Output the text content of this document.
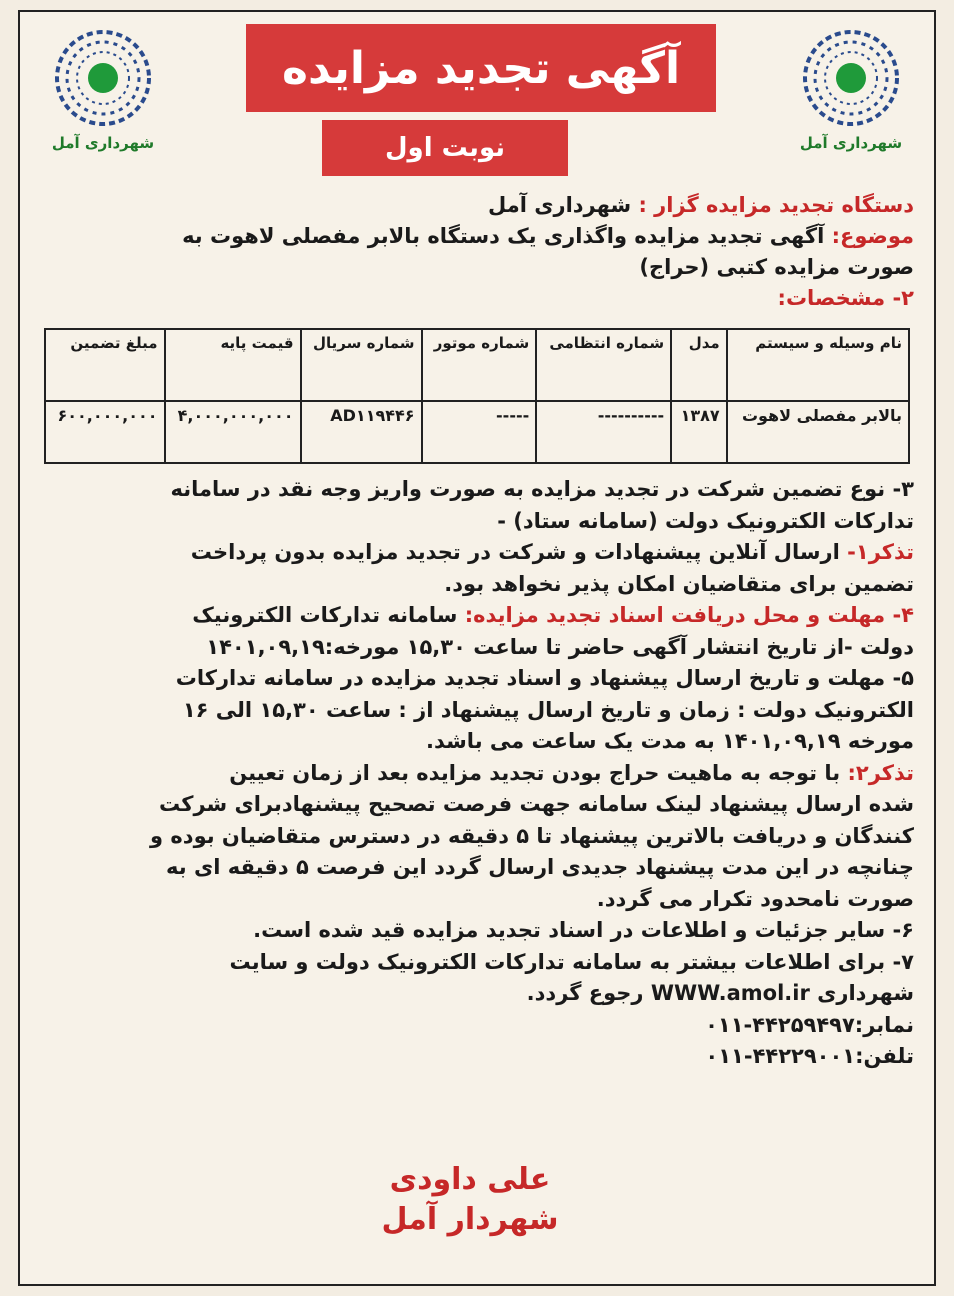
شهرداری آمل	شهرداری آمل
آگهی تجدید مزایده
نوبت اول
دستگاه تجدید مزایده گزار : شهرداری آمل
موضوع: آگهی تجدید مزایده واگذاری یک دستگاه بالابر مفصلی لاهوت به
صورت مزایده کتبی (حراج)
۲- مشخصات:
نام وسیله و سیستم	مدل	شماره انتظامی	شماره موتور	شماره سریال	قیمت پایه	مبلغ تضمین
بالابر مفصلی لاهوت	۱۳۸۷	----------	-----	AD۱۱۹۴۴۶	۴,۰۰۰,۰۰۰,۰۰۰	۶۰۰,۰۰۰,۰۰۰
۳- نوع تضمین شرکت در تجدید مزایده به صورت واریز وجه نقد در سامانه
تدارکات الکترونیک دولت (سامانه ستاد) -
تذکر۱- ارسال آنلاین پیشنهادات و شرکت در تجدید مزایده بدون پرداخت
تضمین برای متقاضیان امکان پذیر نخواهد بود.
۴- مهلت و محل دریافت اسناد تجدید مزایده: سامانه تدارکات الکترونیک
دولت -از تاریخ انتشار آگهی حاضر تا ساعت ۱۵,۳۰ مورخه:۱۴۰۱,۰۹,۱۹
۵- مهلت و تاریخ ارسال پیشنهاد و اسناد تجدید مزایده در سامانه تدارکات
الکترونیک دولت : زمان و تاریخ ارسال پیشنهاد از : ساعت ۱۵,۳۰ الی ۱۶
مورخه ۱۴۰۱,۰۹,۱۹ به مدت یک ساعت می باشد.
تذکر۲: با توجه به ماهیت حراج بودن تجدید مزایده بعد از زمان تعیین
شده ارسال پیشنهاد لینک سامانه جهت فرصت تصحیح پیشنهادبرای شرکت
کنندگان و دریافت بالاترین پیشنهاد تا ۵ دقیقه در دسترس متقاضیان بوده و
چنانچه در این مدت پیشنهاد جدیدی ارسال گردد این فرصت ۵ دقیقه ای به
صورت نامحدود تکرار می گردد.
۶- سایر جزئیات و اطلاعات در اسناد تجدید مزایده قید شده است.
۷- برای اطلاعات بیشتر به سامانه تدارکات الکترونیک دولت و سایت
شهرداری WWW.amol.ir رجوع گردد.
نمابر:۰۱۱-۴۴۲۵۹۴۹۷
تلفن:۰۱۱-۴۴۲۲۹۰۰۱
علی داودی
شهردار آمل
